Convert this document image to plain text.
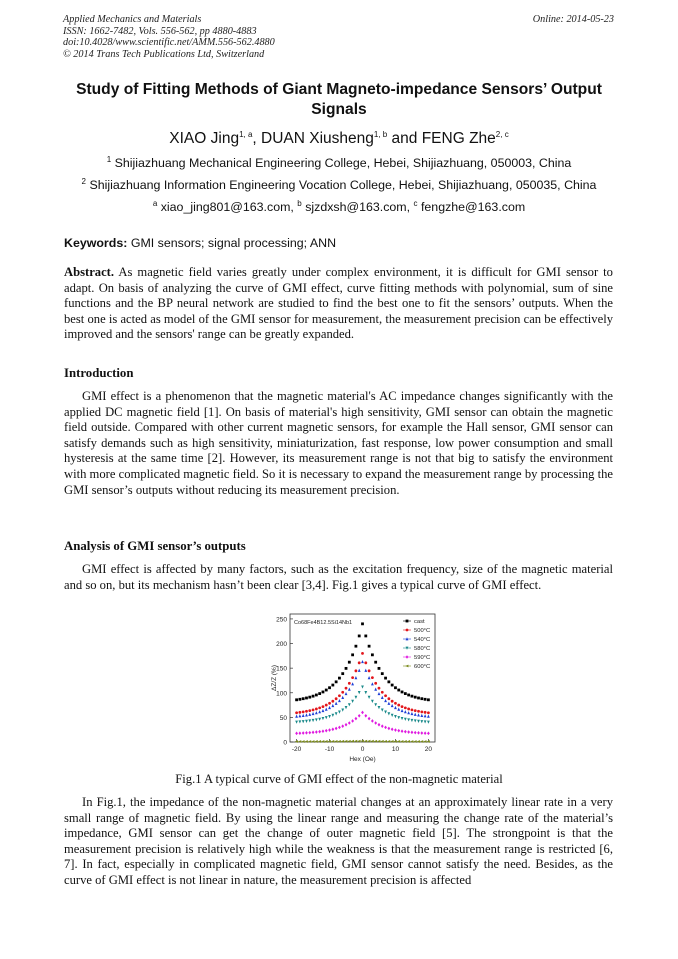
Applied Mechanics and Materials
ISSN: 1662-7482, Vols. 556-562, pp 4880-4883
doi:10.4028/www.scientific.net/AMM.556-562.4880
© 2014 Trans Tech Publications Ltd, Switzerland
Online: 2014-05-23
Study of Fitting Methods of Giant Magneto-impedance Sensors’ Output Signals
XIAO Jing$^{1, a}$, DUAN Xiusheng$^{1, b}$ and FENG Zhe$^{2, c}$
$^1$ Shijiazhuang Mechanical Engineering College, Hebei, Shijiazhuang, 050003, China
$^2$ Shijiazhuang Information Engineering Vocation College, Hebei, Shijiazhuang, 050035, China
$^a$ xiao_jing801@163.com, $^b$ sjzdxsh@163.com, $^c$ fengzhe@163.com
Keywords: GMI sensors; signal processing; ANN
Abstract. As magnetic field varies greatly under complex environment, it is difficult for GMI sensor to adapt. On basis of analyzing the curve of GMI effect, curve fitting methods with polynomial, sum of sine functions and the BP neural network are studied to find the best one to fit the sensors’ outputs. When the best one is acted as model of the GMI sensor for measurement, the measurement precision can be effectively improved and the sensors' range can be greatly expanded.
Introduction
GMI effect is a phenomenon that the magnetic material's AC impedance changes significantly with the applied DC magnetic field [1]. On basis of material's high sensitivity, GMI sensor can obtain the magnetic field outside. Compared with other current magnetic sensors, for example the Hall sensor, GMI sensor can satisfy demands such as high sensitivity, miniaturization, fast response, low power consumption and small hysteresis at the same time [2]. However, its measurement range is not that big to satisfy the environment with more complicated magnetic field. So it is necessary to expand the measurement range by processing the GMI sensor’s outputs without reducing its measurement precision.
Analysis of GMI sensor’s outputs
GMI effect is affected by many factors, such as the excitation frequency, size of the magnetic material and so on, but its mechanism hasn’t been clear [3,4]. Fig.1 gives a typical curve of GMI effect.
0
50
100
150
200
250
-20	-10	0	10	20
Hex (Oe)
ΔZ/Z (%)
Co68Fe4B12.5Si14Nb1	cast
500°C
540°C
580°C
590°C
600°C
Fig.1 A typical curve of GMI effect of the non-magnetic material
In Fig.1, the impedance of the non-magnetic material changes at an approximately linear rate in a very small range of magnetic field. By using the linear range and measuring the change rate of the material’s impedance, GMI sensor can get the change of outer magnetic field [5]. The strongpoint is that the measurement precision is relatively high while the weakness is that the measurement range is restricted [6, 7]. In fact, especially in complicated magnetic field, GMI sensor cannot satisfy the need. Besides, as the curve of GMI effect is not linear in nature, the measurement precision is affected
